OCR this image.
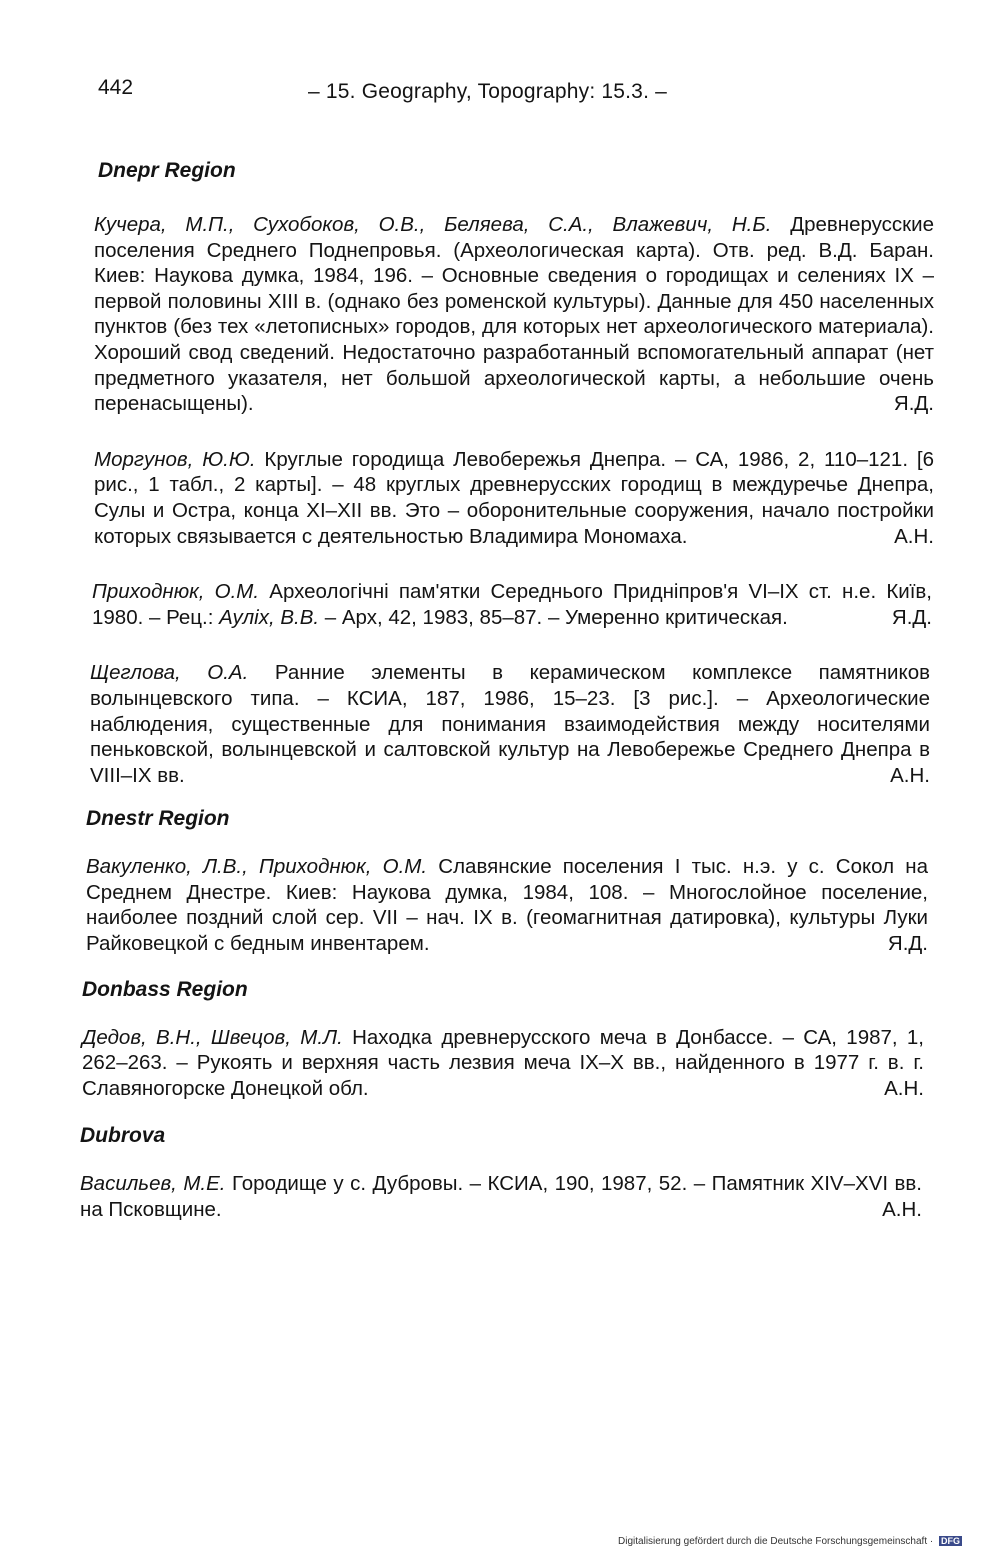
442	– 15. Geography, Topography: 15.3. –
Dnepr Region

Кучера, М.П., Сухобоков, О.В., Беляева, С.А., Влажевич, Н.Б. Древнерусские поселения Среднего Поднепровья. (Археологическая карта). Отв. ред. В.Д. Баран. Киев: Наукова думка, 1984, 196. – Основные сведения о городищах и селениях IX – первой половины XIII в. (однако без роменской культуры). Данные для 450 населенных пунктов (без тех «летописных» городов, для которых нет археологического материала). Хороший свод сведений. Недостаточно разработанный вспомогательный аппарат (нет предметного указателя, нет большой археологической карты, а небольшие очень перенасыщены).	Я.Д.

Моргунов, Ю.Ю. Круглые городища Левобережья Днепра. – СА, 1986, 2, 110–121. [6 рис., 1 табл., 2 карты]. – 48 круглых древнерусских городищ в междуречье Днепра, Сулы и Остра, конца XI–XII вв. Это – оборонительные сооружения, начало постройки которых связывается с деятельностью Владимира Мономаха.	А.Н.

Приходнюк, О.М. Археологічні пам'ятки Середнього Придніпров'я VI–IX ст. н.е. Київ, 1980. – Рец.: Ауліх, В.В. – Арх, 42, 1983, 85–87. – Умеренно критическая.	Я.Д.

Щеглова, О.А. Ранние элементы в керамическом комплексе памятников волынцевского типа. – КСИА, 187, 1986, 15–23. [3 рис.]. – Археологические наблюдения, существенные для понимания взаимодействия между носителями пеньковской, волынцевской и салтовской культур на Левобережье Среднего Днепра в VIII–IX вв.	А.Н.

Dnestr Region

Вакуленко, Л.В., Приходнюк, О.М. Славянские поселения I тыс. н.э. у с. Сокол на Среднем Днестре. Киев: Наукова думка, 1984, 108. – Многослойное поселение, наиболее поздний слой сер. VII – нач. IX в. (геомагнитная датировка), культуры Луки Райковецкой с бедным инвентарем.	Я.Д.

Donbass Region

Дедов, В.Н., Швецов, М.Л. Находка древнерусского меча в Донбассе. – СА, 1987, 1, 262–263. – Рукоять и верхняя часть лезвия меча IX–X вв., найденного в 1977 г. в. г. Славяногорске Донецкой обл.	А.Н.

Dubrova

Васильев, М.Е. Городище у с. Дубровы. – КСИА, 190, 1987, 52. – Памятник XIV–XVI вв. на Псковщине.	А.Н.

Digitalisierung gefördert durch die Deutsche Forschungsgemeinschaft · DFG
